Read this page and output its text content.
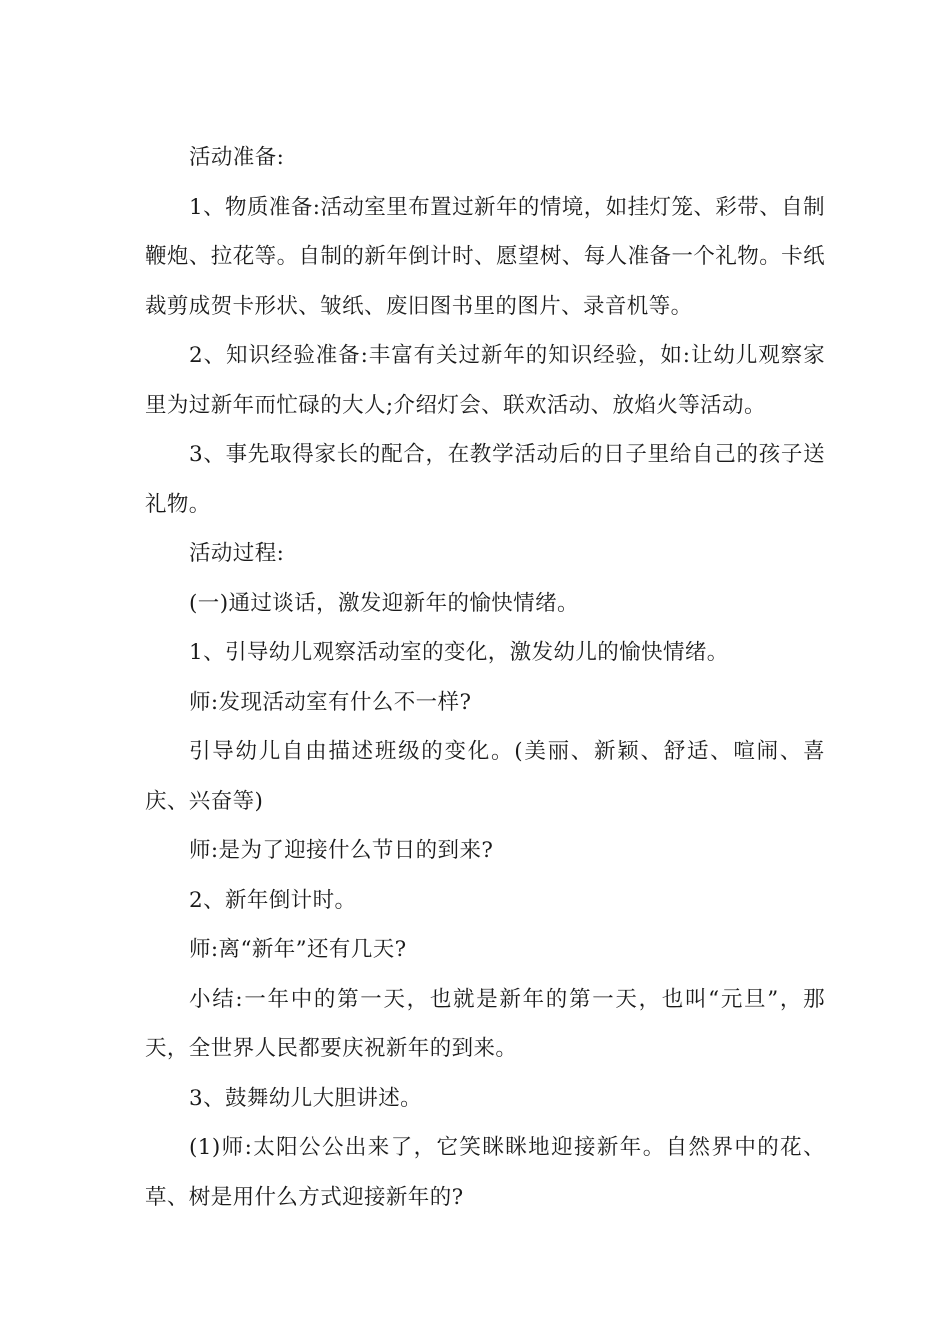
活动准备:

1、物质准备:活动室里布置过新年的情境，如挂灯笼、彩带、自制鞭炮、拉花等。自制的新年倒计时、愿望树、每人准备一个礼物。卡纸裁剪成贺卡形状、皱纸、废旧图书里的图片、录音机等。

2、知识经验准备:丰富有关过新年的知识经验，如:让幼儿观察家里为过新年而忙碌的大人;介绍灯会、联欢活动、放焰火等活动。

3、事先取得家长的配合，在教学活动后的日子里给自己的孩子送礼物。

活动过程:

(一)通过谈话，激发迎新年的愉快情绪。

1、引导幼儿观察活动室的变化，激发幼儿的愉快情绪。

师:发现活动室有什么不一样?

引导幼儿自由描述班级的变化。(美丽、新颖、舒适、喧闹、喜庆、兴奋等)

师:是为了迎接什么节日的到来?

2、新年倒计时。

师:离“新年”还有几天?

小结:一年中的第一天，也就是新年的第一天，也叫“元旦”，那天，全世界人民都要庆祝新年的到来。

3、鼓舞幼儿大胆讲述。

(1)师:太阳公公出来了，它笑眯眯地迎接新年。自然界中的花、草、树是用什么方式迎接新年的?
